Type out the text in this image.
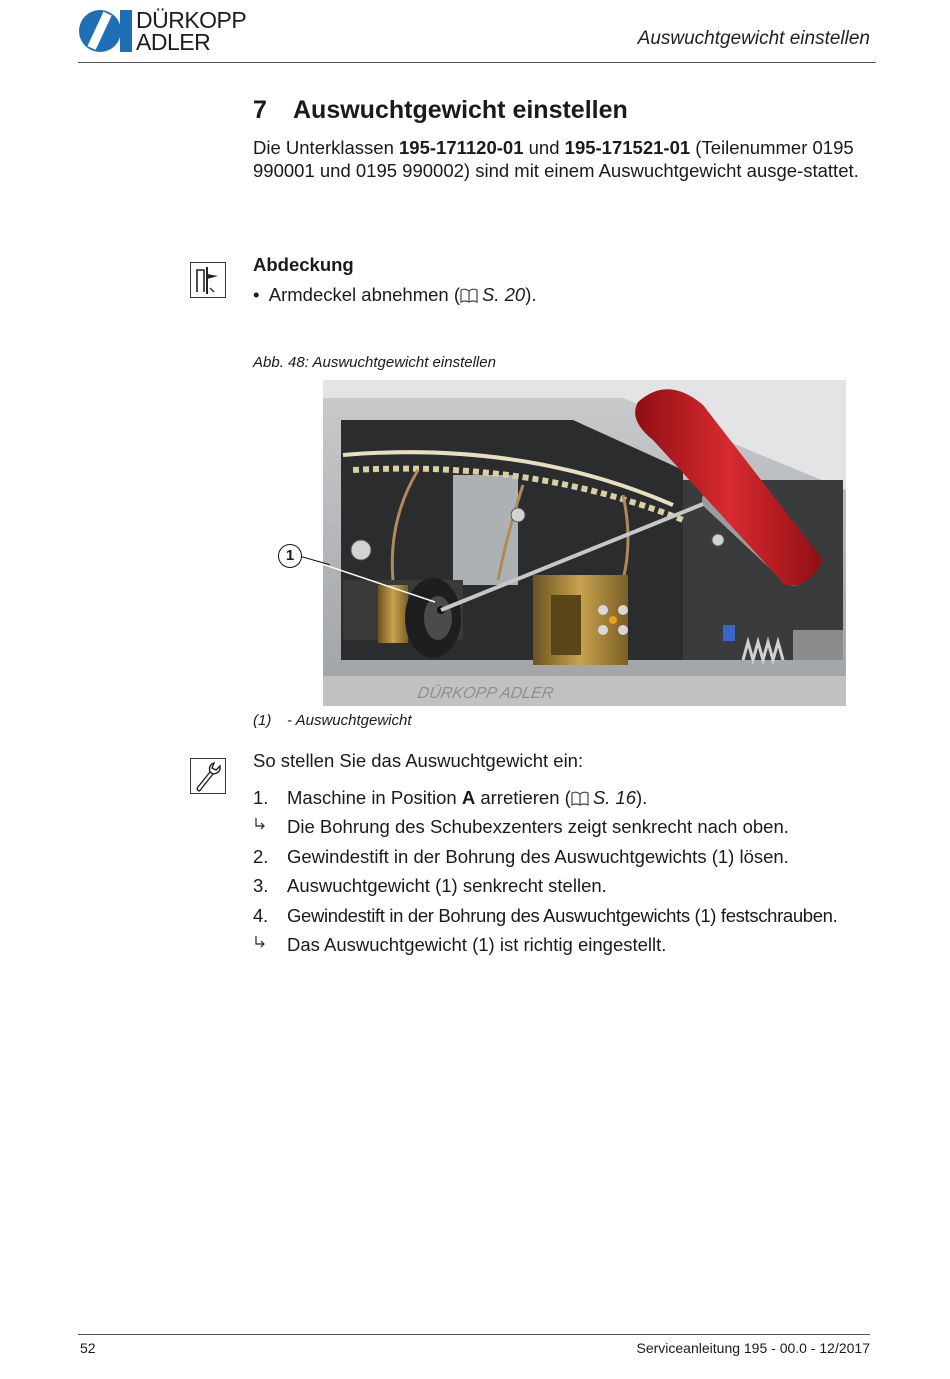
DÜRKOPP
ADLER	Auswuchtgewicht einstellen
7 Auswuchtgewicht einstellen
Die Unterklassen 195-171120-01 und 195-171521-01 (Teilenummer 0195 990001 und 0195 990002) sind mit einem Auswuchtgewicht ausge-stattet.
Abdeckung
• Armdeckel abnehmen ( S. 20).
Abb. 48: Auswuchtgewicht einstellen
DÜRKOPP ADLER
1
(1) - Auswuchtgewicht
So stellen Sie das Auswuchtgewicht ein:
1. Maschine in Position A arretieren ( S. 16).
Die Bohrung des Schubexzenters zeigt senkrecht nach oben.
2. Gewindestift in der Bohrung des Auswuchtgewichts (1) lösen.
3. Auswuchtgewicht (1) senkrecht stellen.
4. Gewindestift in der Bohrung des Auswuchtgewichts (1) festschrauben.
Das Auswuchtgewicht (1) ist richtig eingestellt.
52	Serviceanleitung 195 - 00.0 - 12/2017
